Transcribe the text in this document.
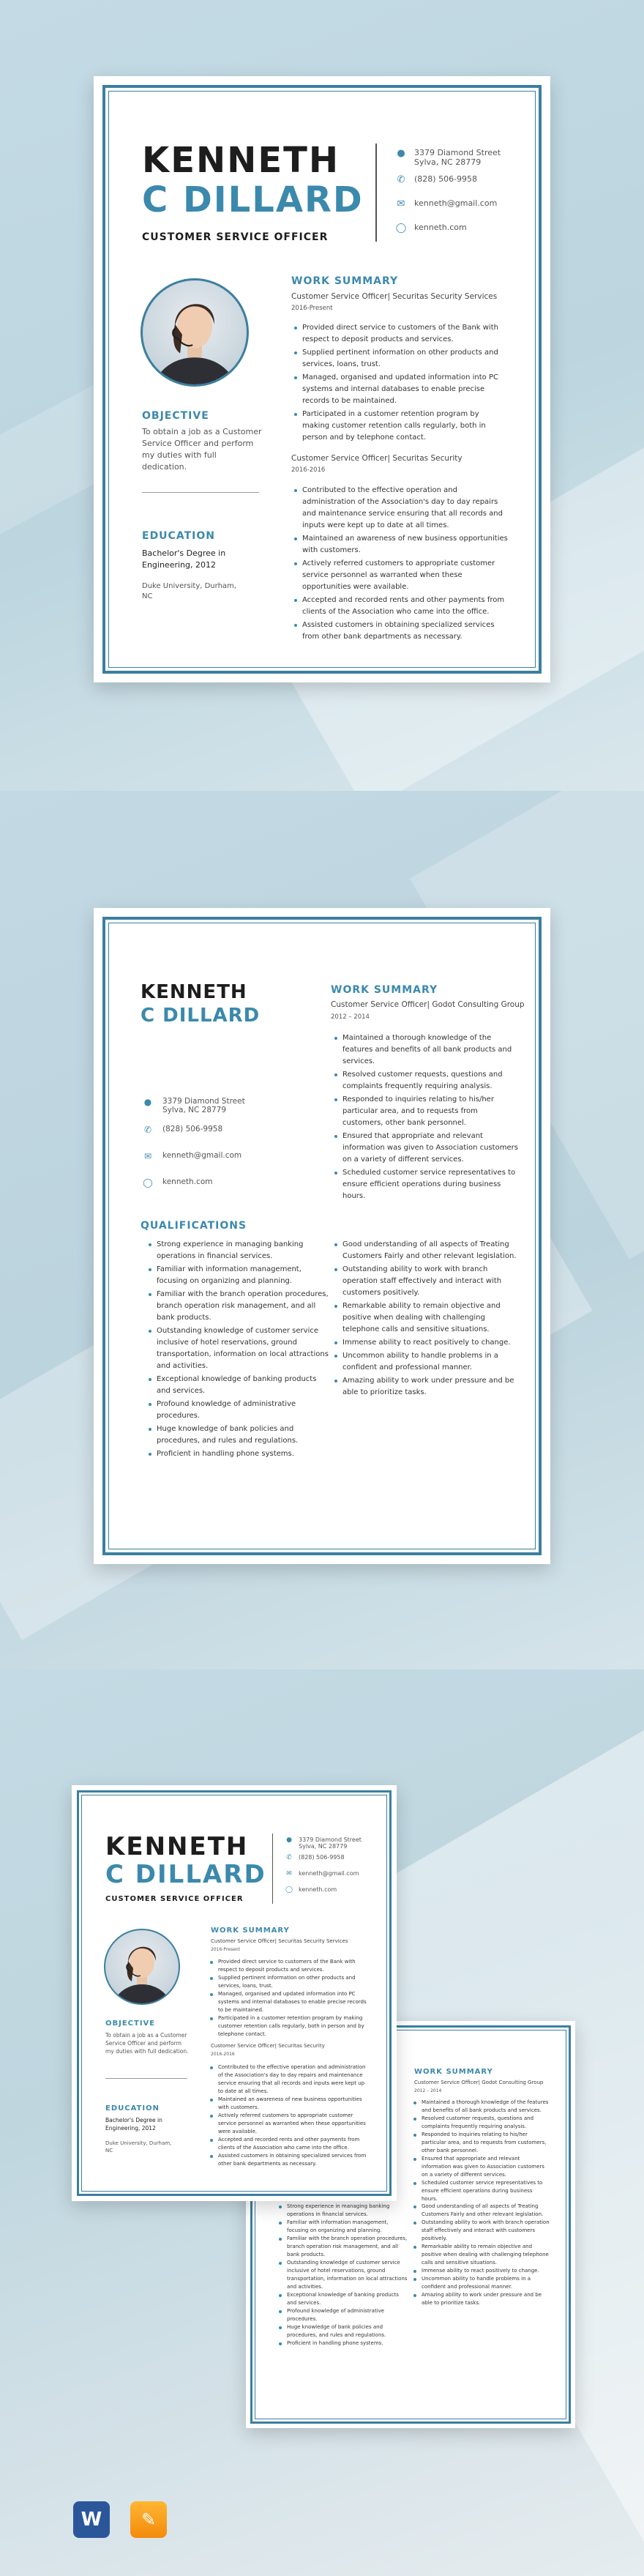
KENNETH
C DILLARD
CUSTOMER SERVICE OFFICER
● 3379 Diamond Street
Sylva, NC 28779
✆ (828) 506-9958
✉ kenneth@gmail.com
◯ kenneth.com
OBJECTIVE
To obtain a job as a Customer Service Officer and perform my duties with full dedication.
EDUCATION
Bachelor's Degree in Engineering, 2012
Duke University, Durham, NC
WORK SUMMARY
Customer Service Officer| Securitas Security Services
2016-Present
Provided direct service to customers of the Bank with respect to deposit products and services.
Supplied pertinent information on other products and services, loans, trust.
Managed, organised and updated information into PC systems and internal databases to enable precise records to be maintained.
Participated in a customer retention program by making customer retention calls regularly, both in person and by telephone contact.
Customer Service Officer| Securitas Security
2016-2016
Contributed to the effective operation and administration of the Association's day to day repairs and maintenance service ensuring that all records and inputs were kept up to date at all times.
Maintained an awareness of new business opportunities with customers.
Actively referred customers to appropriate customer service personnel as warranted when these opportunities were available.
Accepted and recorded rents and other payments from clients of the Association who came into the office.
Assisted customers in obtaining specialized services from other bank departments as necessary.
KENNETH
C DILLARD
● 3379 Diamond Street
Sylva, NC 28779
✆ (828) 506-9958
✉ kenneth@gmail.com
◯ kenneth.com
WORK SUMMARY
Customer Service Officer| Godot Consulting Group
2012 – 2014
Maintained a thorough knowledge of the features and benefits of all bank products and services.
Resolved customer requests, questions and complaints frequently requiring analysis.
Responded to inquiries relating to his/her particular area, and to requests from customers, other bank personnel.
Ensured that appropriate and relevant information was given to Association customers on a variety of different services.
Scheduled customer service representatives to ensure efficient operations during business hours.
QUALIFICATIONS
Strong experience in managing banking operations in financial services.
Familiar with information management, focusing on organizing and planning.
Familiar with the branch operation procedures, branch operation risk management, and all bank products.
Outstanding knowledge of customer service inclusive of hotel reservations, ground transportation, information on local attractions and activities.
Exceptional knowledge of banking products and services.
Profound knowledge of administrative procedures.
Huge knowledge of bank policies and procedures, and rules and regulations.
Proficient in handling phone systems.
Good understanding of all aspects of Treating Customers Fairly and other relevant legislation.
Outstanding ability to work with branch operation staff effectively and interact with customers positively.
Remarkable ability to remain objective and positive when dealing with challenging telephone calls and sensitive situations.
Immense ability to react positively to change.
Uncommon ability to handle problems in a confident and professional manner.
Amazing ability to work under pressure and be able to prioritize tasks.
WORK SUMMARY
Customer Service Officer| Godot Consulting Group
2012 – 2014
Maintained a thorough knowledge of the features and benefits of all bank products and services.
Resolved customer requests, questions and complaints frequently requiring analysis.
Responded to inquiries relating to his/her particular area, and to requests from customers, other bank personnel.
Ensured that appropriate and relevant information was given to Association customers on a variety of different services.
Scheduled customer service representatives to ensure efficient operations during business hours.
Strong experience in managing banking operations in financial services.
Familiar with information management, focusing on organizing and planning.
Familiar with the branch operation procedures, branch operation risk management, and all bank products.
Outstanding knowledge of customer service inclusive of hotel reservations, ground transportation, information on local attractions and activities.
Exceptional knowledge of banking products and services.
Profound knowledge of administrative procedures.
Huge knowledge of bank policies and procedures, and rules and regulations.
Proficient in handling phone systems.
Good understanding of all aspects of Treating Customers Fairly and other relevant legislation.
Outstanding ability to work with branch operation staff effectively and interact with customers positively.
Remarkable ability to remain objective and positive when dealing with challenging telephone calls and sensitive situations.
Immense ability to react positively to change.
Uncommon ability to handle problems in a confident and professional manner.
Amazing ability to work under pressure and be able to prioritize tasks.
KENNETH
C DILLARD
CUSTOMER SERVICE OFFICER
● 3379 Diamond Street
Sylva, NC 28779
✆ (828) 506-9958
✉ kenneth@gmail.com
◯ kenneth.com
OBJECTIVE
To obtain a job as a Customer Service Officer and perform my duties with full dedication.
EDUCATION
Bachelor's Degree in Engineering, 2012
Duke University, Durham, NC
WORK SUMMARY
Customer Service Officer| Securitas Security Services
2016-Present
Provided direct service to customers of the Bank with respect to deposit products and services.
Supplied pertinent information on other products and services, loans, trust.
Managed, organised and updated information into PC systems and internal databases to enable precise records to be maintained.
Participated in a customer retention program by making customer retention calls regularly, both in person and by telephone contact.
Customer Service Officer| Securitas Security
2016-2016
Contributed to the effective operation and administration of the Association's day to day repairs and maintenance service ensuring that all records and inputs were kept up to date at all times.
Maintained an awareness of new business opportunities with customers.
Actively referred customers to appropriate customer service personnel as warranted when these opportunities were available.
Accepted and recorded rents and other payments from clients of the Association who came into the office.
Assisted customers in obtaining specialized services from other bank departments as necessary.
W ✎
